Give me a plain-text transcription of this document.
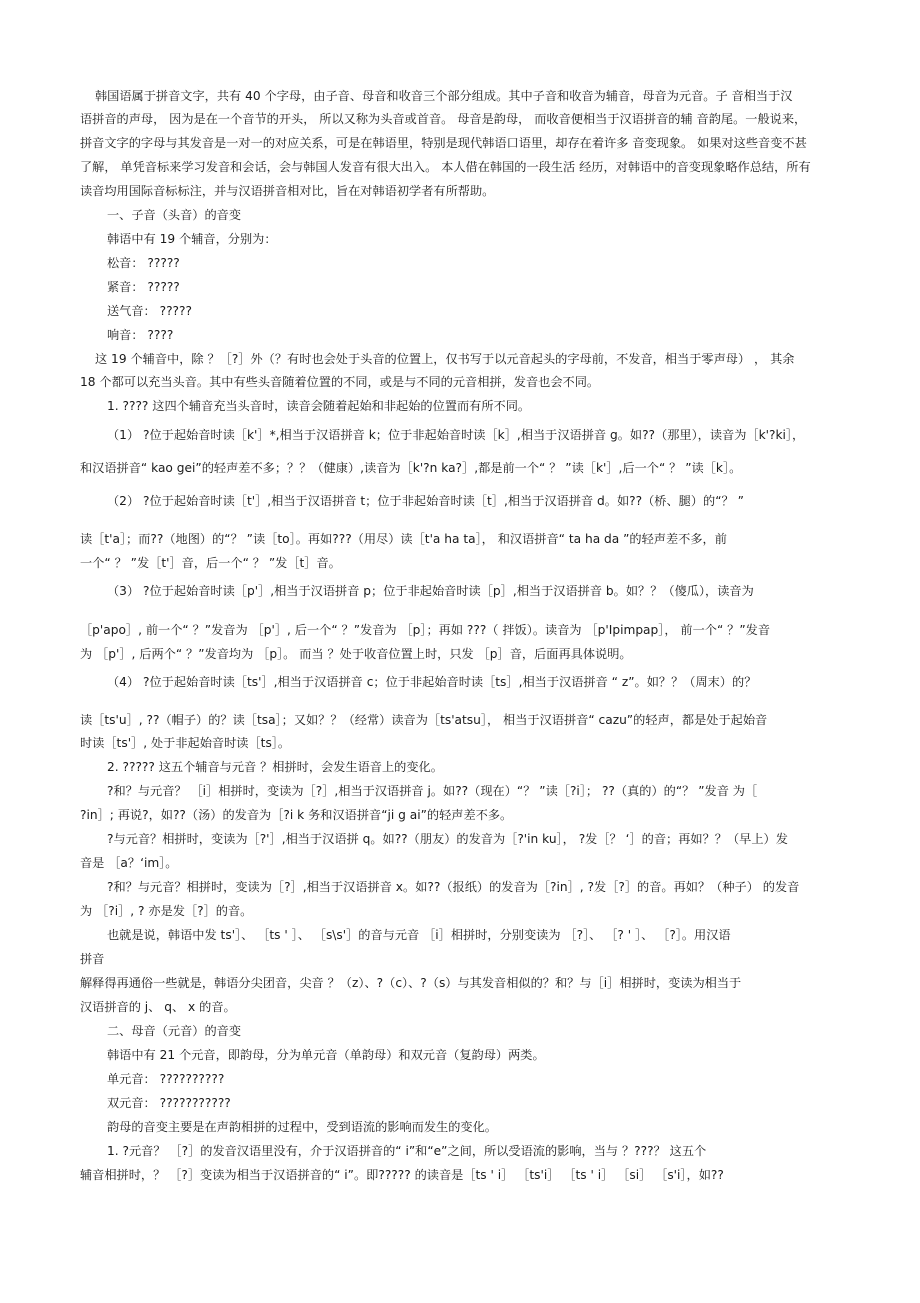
韩国语属于拼音文字，共有 40 个字母，由子音、母音和收音三个部分组成。其中子音和收音为辅音，母音为元音。子 音相当于汉

语拼音的声母， 因为是在一个音节的开头， 所以又称为头音或首音。 母音是韵母， 而收音便相当于汉语拼音的辅 音韵尾。一般说来，

拼音文字的字母与其发音是一对一的对应关系，可是在韩语里，特别是现代韩语口语里，却存在着许多 音变现象。 如果对这些音变不甚

了解， 单凭音标来学习发音和会话，会与韩国人发音有很大出入。 本人借在韩国的一段生活 经历，对韩语中的音变现象略作总结，所有

读音均用国际音标标注，并与汉语拼音相对比，旨在对韩语初学者有所帮助。

一、子音（头音）的音变

韩语中有 19 个辅音，分别为：

松音： ?????

紧音： ?????

送气音： ?????

响音： ????

这 19 个辅音中，除 ？［?］外（？有时也会处于头音的位置上，仅书写于以元音起头的字母前，不发音，相当于零声母） ， 其余

18 个都可以充当头音。其中有些头音随着位置的不同，或是与不同的元音相拼，发音也会不同。

1. ???? 这四个辅音充当头音时，读音会随着起始和非起始的位置而有所不同。

（1） ?位于起始音时读［k'］*,相当于汉语拼音 k；位于非起始音时读［k］,相当于汉语拼音 g。如??（那里），读音为［k'?ki］，

和汉语拼音“ kao gei”的轻声差不多；？？（健康）,读音为［k'?n ka?］,都是前一个“ ？ ”读［k'］,后一个“ ？ ”读［k］。

（2） ?位于起始音时读［t'］,相当于汉语拼音 t；位于非起始音时读［t］,相当于汉语拼音 d。如??（桥、腿）的“？ ”

读［t'a］；而??（地图）的“？ ”读［to］。再如???（用尽）读［t'a ha ta］， 和汉语拼音“ ta ha da ”的轻声差不多，前

一个“ ？ ”发［t'］音，后一个“ ？ ”发［t］音。

（3） ?位于起始音时读［p'］,相当于汉语拼音 p；位于非起始音时读［p］,相当于汉语拼音 b。如？？（傻瓜），读音为

［p'apo］, 前一个“ ？”发音为 ［p'］, 后一个“ ？”发音为 ［p］；再如 ???（ 拌饭）。读音为 ［p'Ipimpap］， 前一个“ ？”发音

为 ［p'］, 后两个“ ？”发音均为 ［p］。 而当 ？处于收音位置上时，只发 ［p］音，后面再具体说明。

（4） ?位于起始音时读［ts'］,相当于汉语拼音 c；位于非起始音时读［ts］,相当于汉语拼音 “ z”。如？？（周末）的？

读［ts'u］, ??（帽子）的？读［tsa］；又如？？（经常）读音为［ts'atsu］， 相当于汉语拼音“ cazu”的轻声，都是处于起始音

时读［ts'］, 处于非起始音时读［ts］。

2. ????? 这五个辅音与元音 ？相拼时，会发生语音上的变化。

?和？与元音？ ［i］相拼时，变读为［?］,相当于汉语拼音 j。如??（现在）“？ ”读［?i］； ??（真的）的“？ ”发音 为［

?in］; 再说?，如??（汤）的发音为［?i k 务和汉语拼音“ji g ai”的轻声差不多。

?与元音？相拼时，变读为［?'］,相当于汉语拼 q。如??（朋友）的发音为［?'in ku］， ?发［？ ‘］的音；再如？？（早上）发

音是 ［a？‘im］。

?和？与元音？相拼时，变读为［?］,相当于汉语拼音 x。如??（报纸）的发音为［?in］, ?发［?］的音。再如？（种子） 的发音

为 ［?i］, ? 亦是发［?］的音。

也就是说，韩语中发 ts'］、 ［ts ' ］、 ［s\s'］的音与元音 ［i］相拼时，分别变读为 ［?］、 ［? ' ］、 ［?］。用汉语

拼音

解释得再通俗一些就是，韩语分尖团音，尖音 ？（z）、?（c）、?（s）与其发音相似的？和？与［i］相拼时，变读为相当于

汉语拼音的 j、 q、 x 的音。

二、母音（元音）的音变

韩语中有 21 个元音，即韵母，分为单元音（单韵母）和双元音（复韵母）两类。

单元音： ??????????

双元音： ???????????

韵母的音变主要是在声韵相拼的过程中，受到语流的影响而发生的变化。

1. ?元音？ ［?］的发音汉语里没有，介于汉语拼音的“ i”和“e”之间，所以受语流的影响，当与 ？???？ 这五个

辅音相拼时，？ ［?］变读为相当于汉语拼音的“ i”。即????? 的读音是［ts ' i］ ［ts'i］ ［ts ' i］ ［si］ ［s'i］，如??
